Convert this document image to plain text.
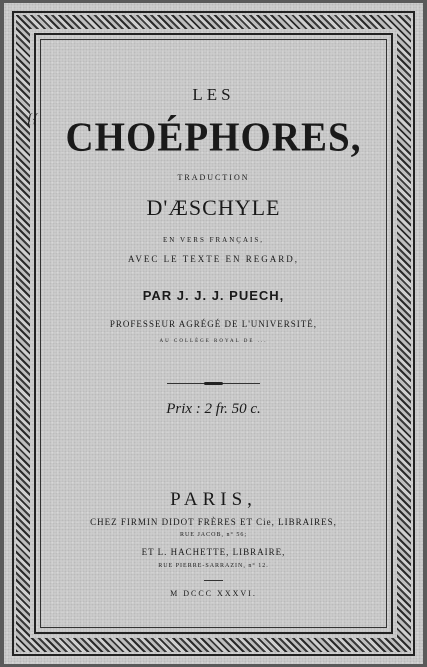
LES
CHOÉPHORES,
TRADUCTION
D'ÆSCHYLE
EN VERS FRANÇAIS,
AVEC LE TEXTE EN REGARD,
PAR J. J. J. PUECH,
PROFESSEUR AGRÉGÉ DE L'UNIVERSITÉ,
AU COLLÈGE ROYAL DE ...
Prix : 2 fr. 50 c.
PARIS,
CHEZ FIRMIN DIDOT FRÈRES ET Cie, LIBRAIRES,
RUE JACOB, n° 56;
ET L. HACHETTE, LIBRAIRE,
RUE PIERRE-SARRAZIN, n° 12.
M DCCC XXXVI.
{{
